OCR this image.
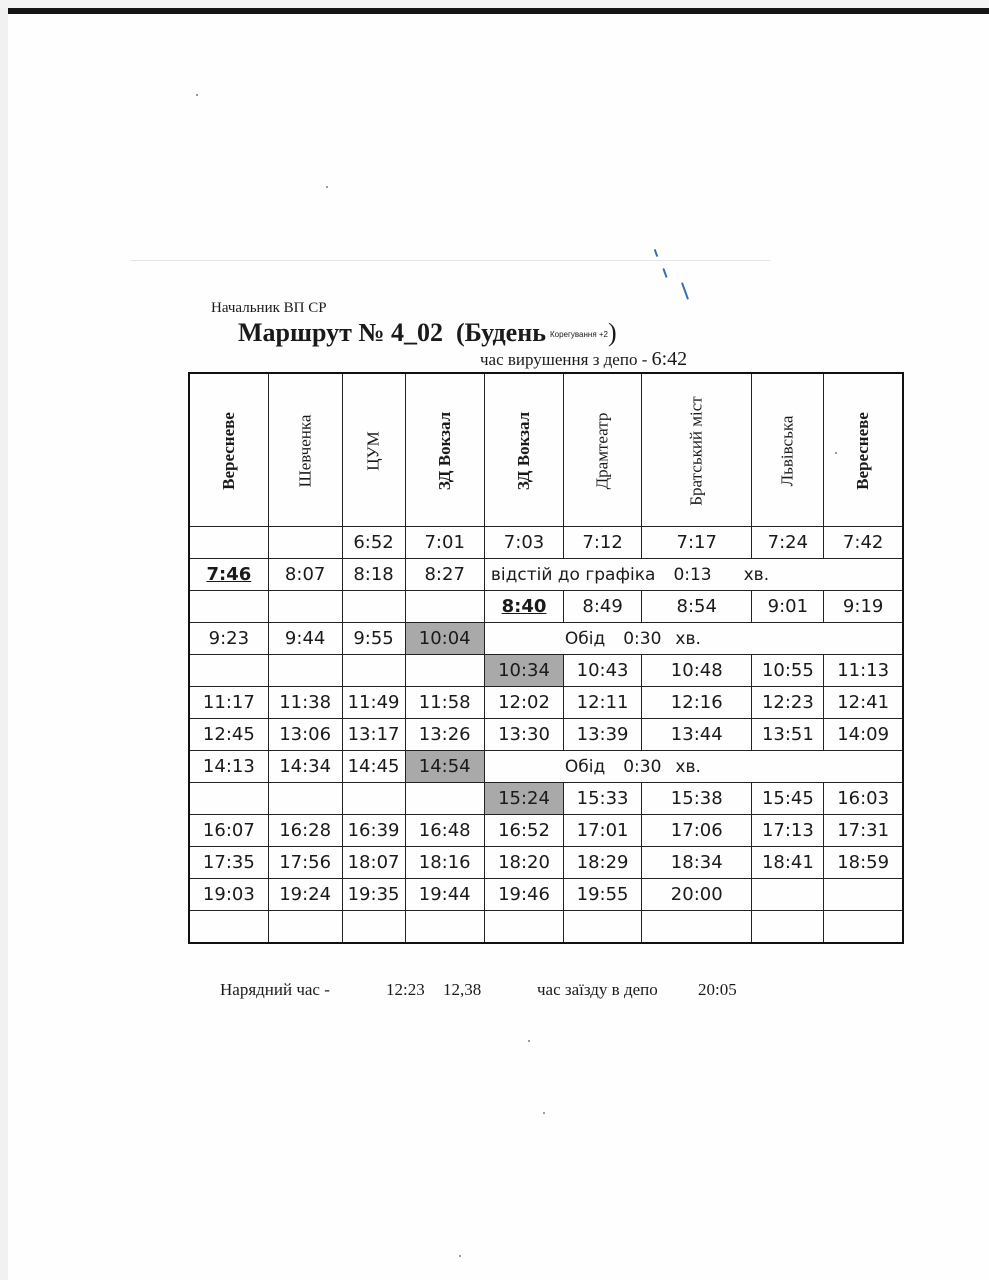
Начальник ВП СР
Маршрут № 4_02 (Будень $^{Корегування +2}$)
час вирушення з депо - 6:42
Вересневе	Шевченка	ЦУМ	ЗД Вокзал	ЗД Вокзал	Драмтеатр	Братський міст	Львівська	Вересневе
		6:52	7:01	7:03	7:12	7:17	7:24	7:42
7:46	8:07	8:18	8:27	відстій до графіка 0:13 хв.				
				8:40	8:49	8:54	9:01	9:19
9:23	9:44	9:55	10:04	Обід 0:30 хв.				
				10:34	10:43	10:48	10:55	11:13
11:17	11:38	11:49	11:58	12:02	12:11	12:16	12:23	12:41
12:45	13:06	13:17	13:26	13:30	13:39	13:44	13:51	14:09
14:13	14:34	14:45	14:54	Обід 0:30 хв.				
				15:24	15:33	15:38	15:45	16:03
16:07	16:28	16:39	16:48	16:52	17:01	17:06	17:13	17:31
17:35	17:56	18:07	18:16	18:20	18:29	18:34	18:41	18:59
19:03	19:24	19:35	19:44	19:46	19:55	20:00		

Нарядний час -	12:23 12,38	час заїзду в депо 20:05
